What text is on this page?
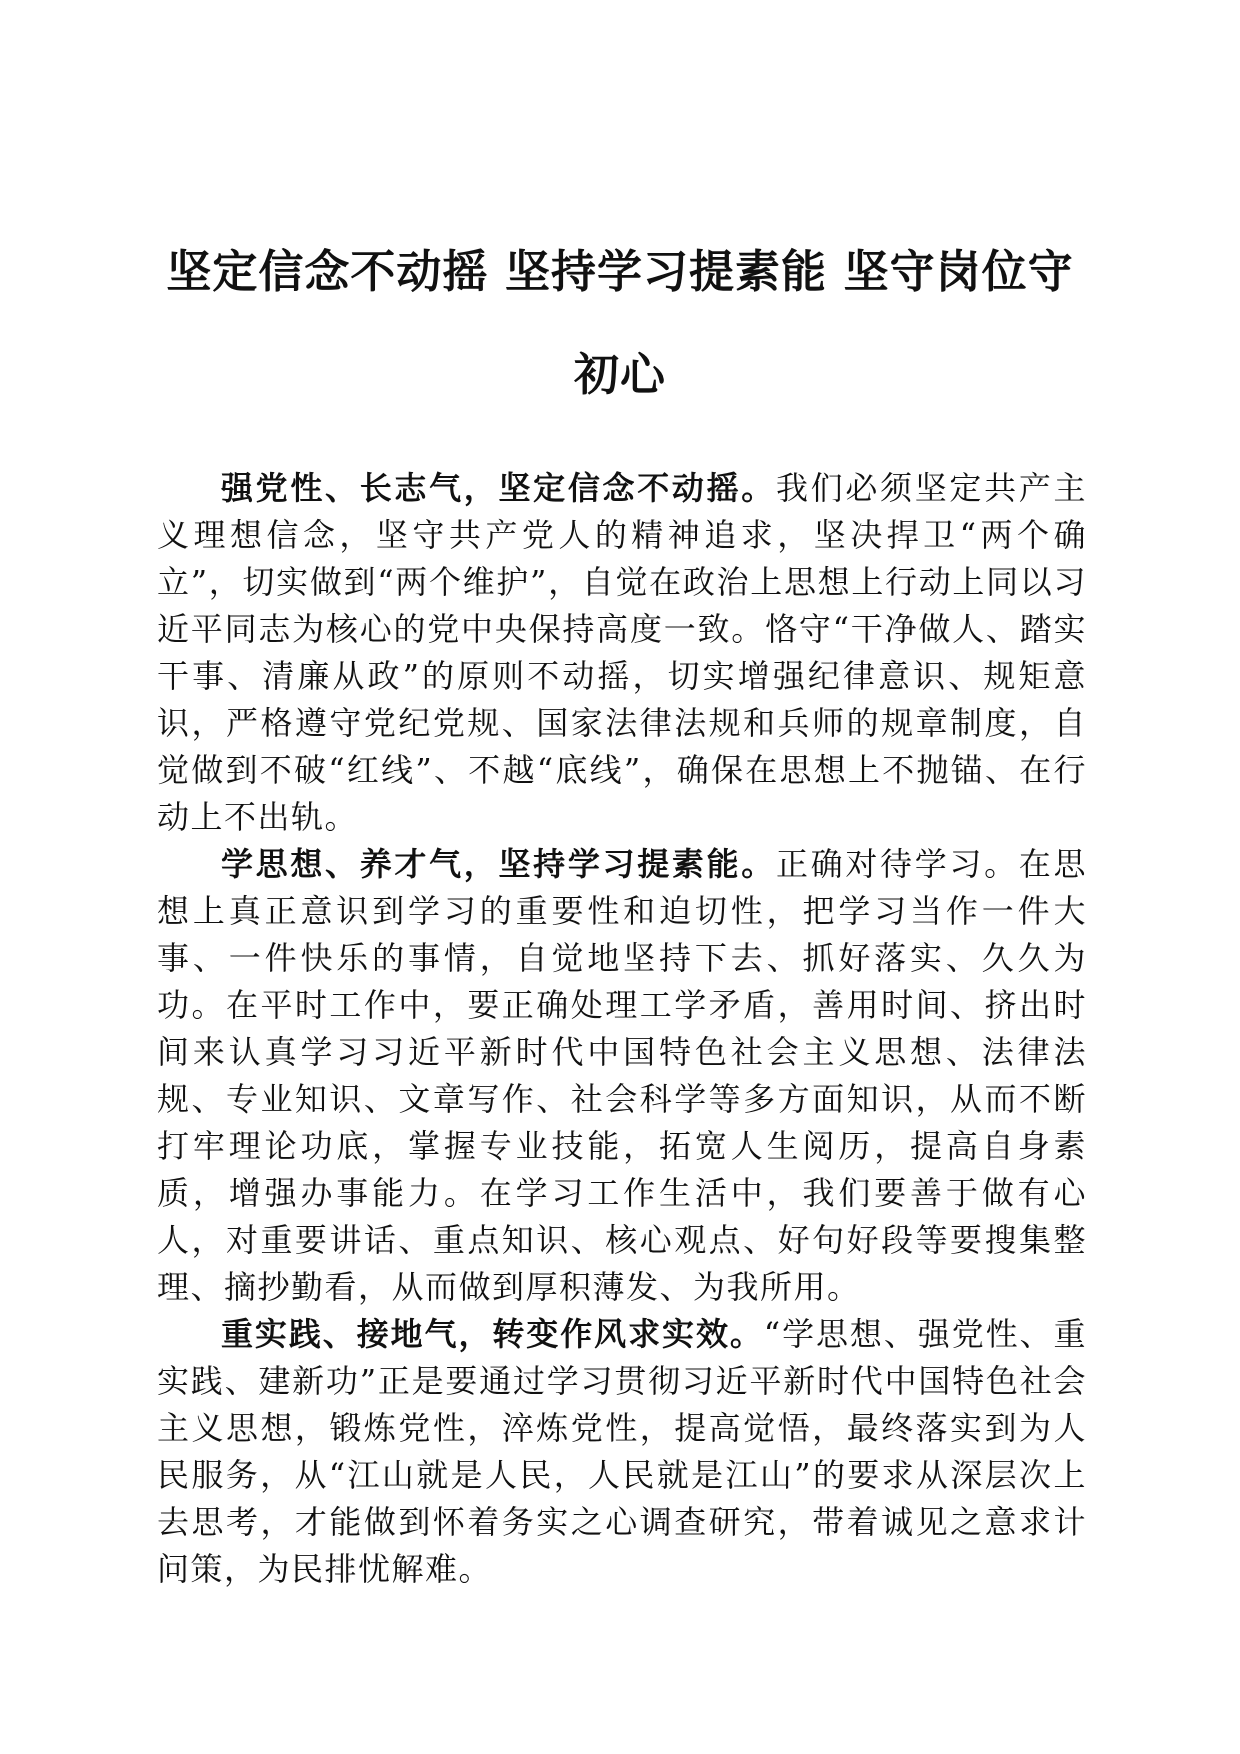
坚定信念不动摇 坚持学习提素能 坚守岗位守初心

强党性、长志气，坚定信念不动摇。我们必须坚定共产主义理想信念，坚守共产党人的精神追求，坚决捍卫“两个确立”，切实做到“两个维护”，自觉在政治上思想上行动上同以习近平同志为核心的党中央保持高度一致。恪守“干净做人、踏实干事、清廉从政”的原则不动摇，切实增强纪律意识、规矩意识，严格遵守党纪党规、国家法律法规和兵师的规章制度，自觉做到不破“红线”、不越“底线”，确保在思想上不抛锚、在行动上不出轨。

学思想、养才气，坚持学习提素能。正确对待学习。在思想上真正意识到学习的重要性和迫切性，把学习当作一件大事、一件快乐的事情，自觉地坚持下去、抓好落实、久久为功。在平时工作中，要正确处理工学矛盾，善用时间、挤出时间来认真学习习近平新时代中国特色社会主义思想、法律法规、专业知识、文章写作、社会科学等多方面知识，从而不断打牢理论功底，掌握专业技能，拓宽人生阅历，提高自身素质，增强办事能力。在学习工作生活中，我们要善于做有心人，对重要讲话、重点知识、核心观点、好句好段等要搜集整理、摘抄勤看，从而做到厚积薄发、为我所用。

重实践、接地气，转变作风求实效。“学思想、强党性、重实践、建新功”正是要通过学习贯彻习近平新时代中国特色社会主义思想，锻炼党性，淬炼党性，提高觉悟，最终落实到为人民服务，从“江山就是人民，人民就是江山”的要求从深层次上去思考，才能做到怀着务实之心调查研究，带着诚见之意求计问策，为民排忧解难。
